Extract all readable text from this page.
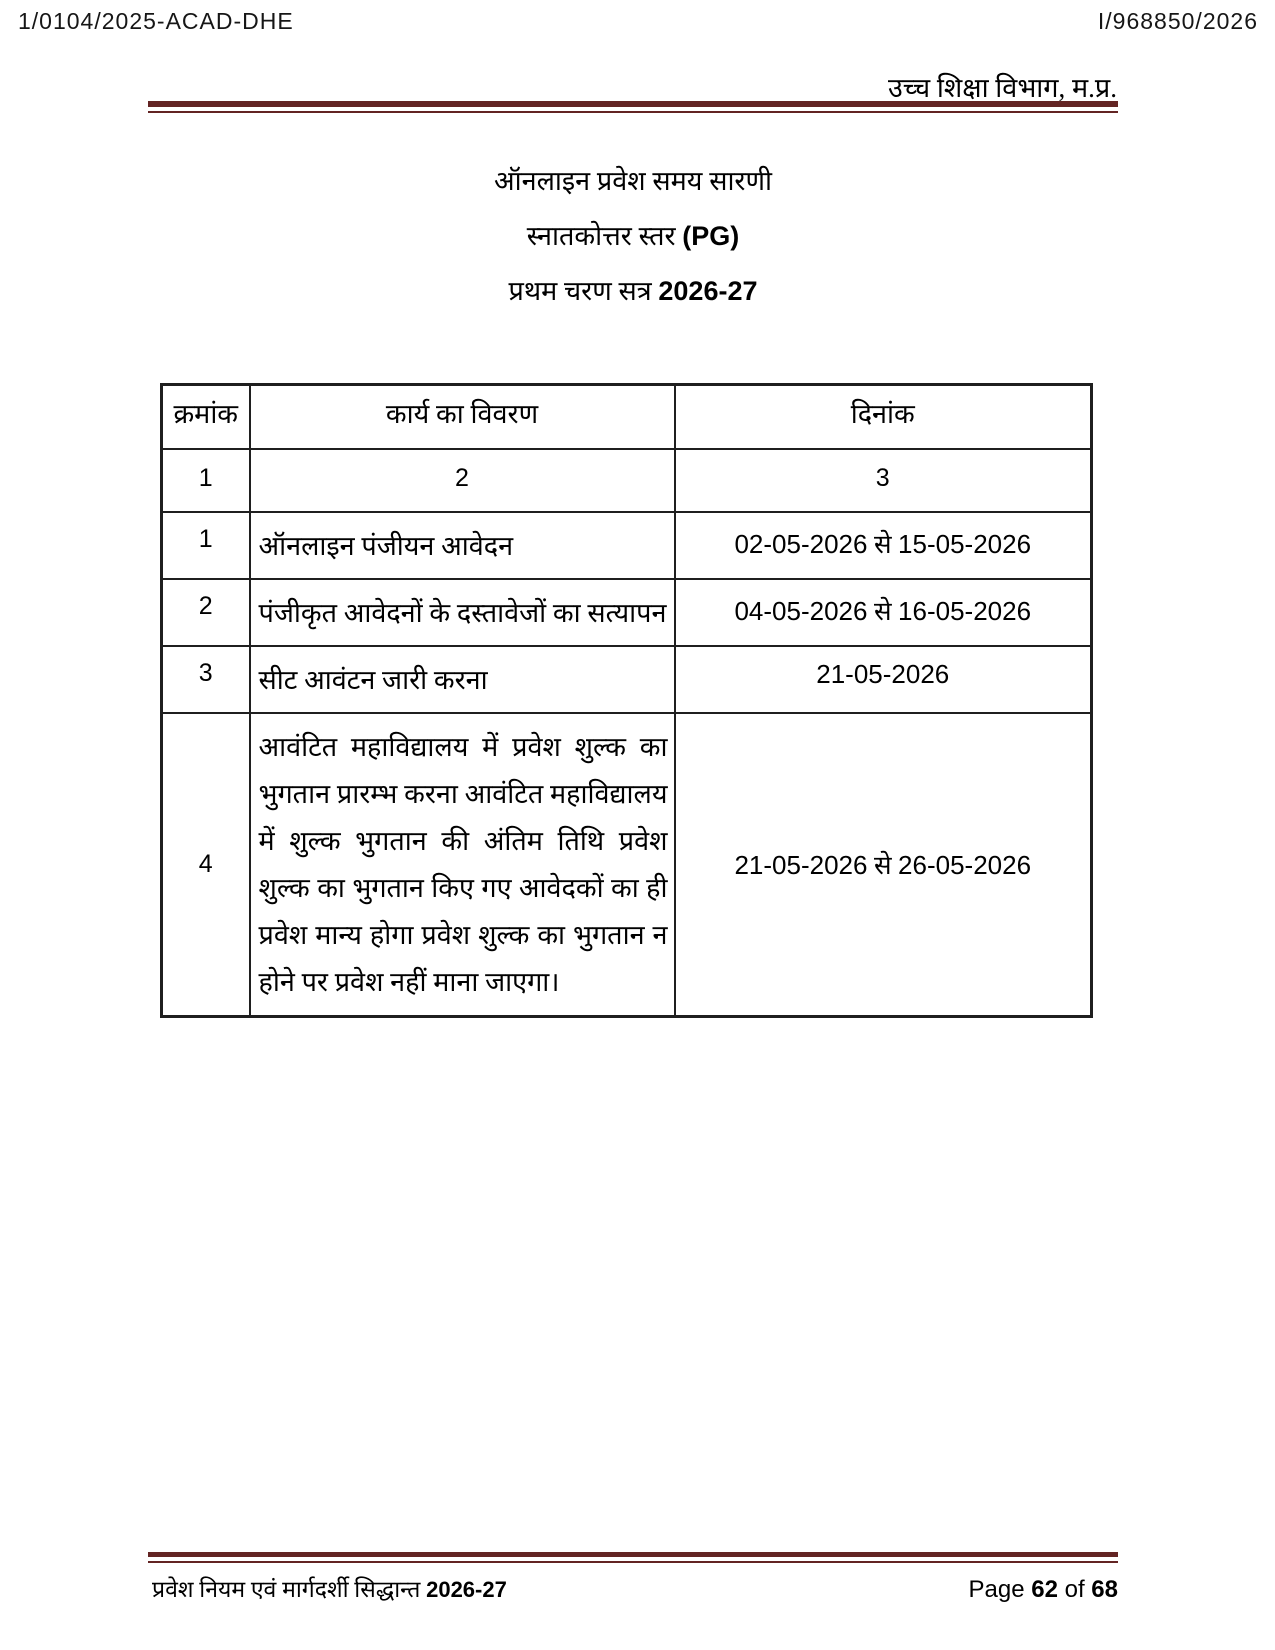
1/0104/2025-ACAD-DHE	I/968850/2026
उच्च शिक्षा विभाग, म.प्र.
ऑनलाइन प्रवेश समय सारणी
स्नातकोत्तर स्तर (PG)
प्रथम चरण सत्र 2026-27
क्रमांक	कार्य का विवरण	दिनांक
1	2	3
1	ऑनलाइन पंजीयन आवेदन	02-05-2026 से 15-05-2026
2	पंजीकृत आवेदनों के दस्तावेजों का सत्यापन	04-05-2026 से 16-05-2026
3	सीट आवंटन जारी करना	21-05-2026
4	आवंटित महाविद्यालय में प्रवेश शुल्क का भुगतान प्रारम्भ करना आवंटित महाविद्यालय में शुल्क भुगतान की अंतिम तिथि प्रवेश शुल्क का भुगतान किए गए आवेदकों का ही प्रवेश मान्य होगा प्रवेश शुल्क का भुगतान न होने पर प्रवेश नहीं माना जाएगा।	21-05-2026 से 26-05-2026
प्रवेश नियम एवं मार्गदर्शी सिद्धान्त 2026-27	Page 62 of 68
